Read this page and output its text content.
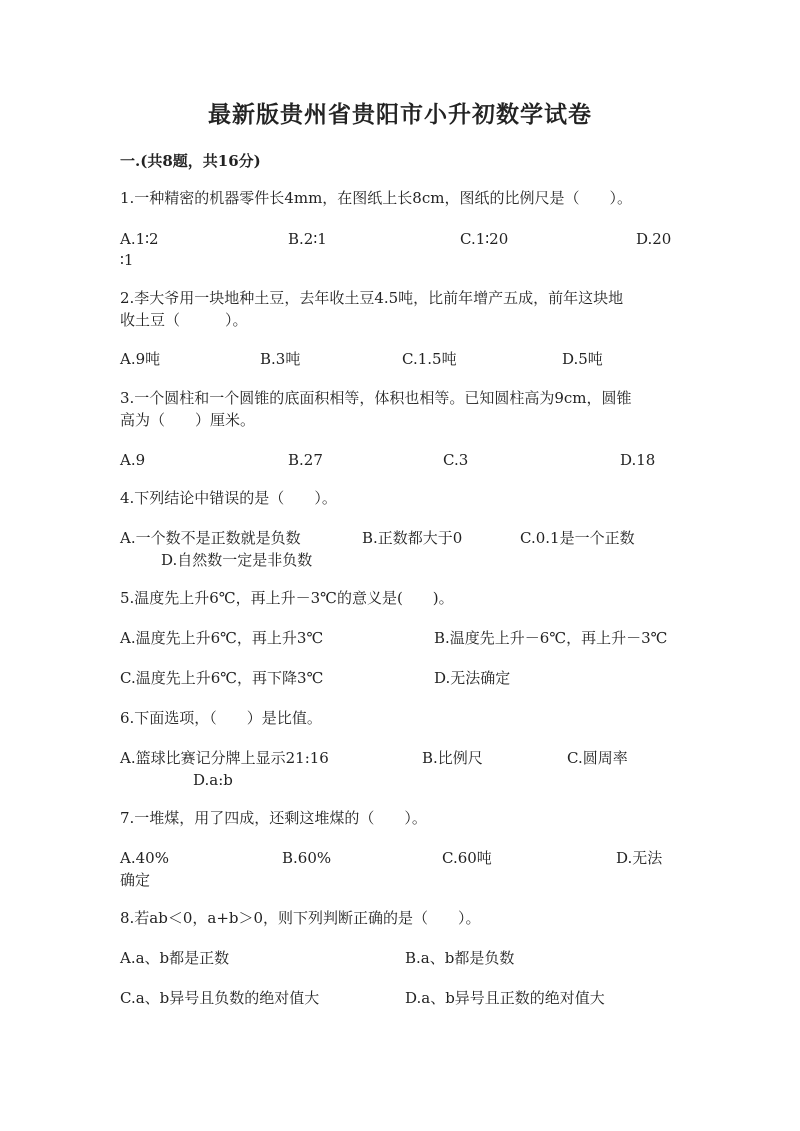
最新版贵州省贵阳市小升初数学试卷
一.(共8题，共16分)
1.一种精密的机器零件长4mm，在图纸上长8cm，图纸的比例尺是（　　）。
A.1∶2	B.2∶1	C.1∶20	D.20
∶1
2.李大爷用一块地种土豆，去年收土豆4.5吨，比前年增产五成，前年这块地
收土豆（　　　）。
A.9吨	B.3吨	C.1.5吨	D.5吨
3.一个圆柱和一个圆锥的底面积相等，体积也相等。已知圆柱高为9cm，圆锥
高为（　　）厘米。
A.9	B.27	C.3	D.18
4.下列结论中错误的是（　　）。
A.一个数不是正数就是负数	B.正数都大于0	C.0.1是一个正数
D.自然数一定是非负数
5.温度先上升6℃，再上升－3℃的意义是(　　)。
A.温度先上升6℃，再上升3℃	B.温度先上升－6℃，再上升－3℃
C.温度先上升6℃，再下降3℃	D.无法确定
6.下面选项，（　　）是比值。
A.篮球比赛记分牌上显示21:16	B.比例尺	C.圆周率
D.a:b
7.一堆煤，用了四成，还剩这堆煤的（　　）。
A.40%	B.60%	C.60吨	D.无法
确定
8.若ab＜0，a+b＞0，则下列判断正确的是（　　）。
A.a、b都是正数	B.a、b都是负数
C.a、b异号且负数的绝对值大	D.a、b异号且正数的绝对值大
